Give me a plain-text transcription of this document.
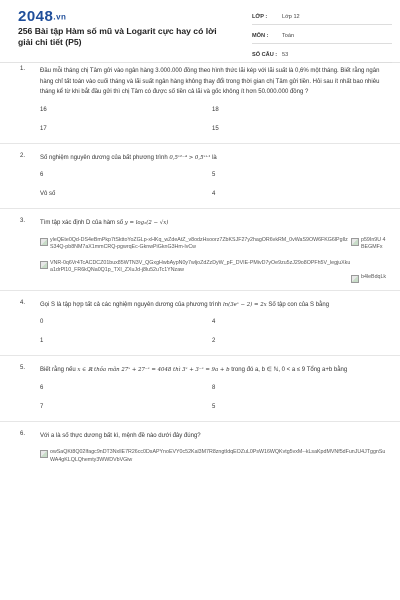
2048.vn
256 Bài tập Hàm số mũ và Logarit cực hay có lời giải chi tiết (P5)
LỚP :	Lớp 12
MÔN :	Toán
SỐ CÂU : 53
1. Đầu mỗi tháng chị Tâm gửi vào ngân hàng 3.000.000 đồng theo hình thức lãi kép với lãi suất là 0,6% một tháng. Biết rằng ngân hàng chỉ tất toán vào cuối tháng và lãi suất ngân hàng không thay đổi trong thời gian chị Tâm gửi tiền. Hỏi sau ít nhất bao nhiêu tháng kể từ khi bắt đầu gửi thì chị Tâm có được số tiền cả lãi và gốc không ít hơn 50.000.000 đồng ?
16	18
17	15
2. Số nghiệm nguyên dương của bất phương trình 0,5ˣ²⁻⁴ > 0,5ˣ⁺¹ là
6	5
Vô số	4
3. Tìm tập xác định D của hàm số y = log₂(2 − √x)
yleQEte0Qd-DS4eBmPkp7tSkttoYoZGLp-xHKq_wZdeAtZ_v8odzHsoorz7ZbKSJF27y2hagOR6vkRM_0vWaS9OW6FKG6lPgIlzS34Q-pb8NM7aX1mmCRQ-pgwrqEc-GknwPiGknG3Hm-lvCw
p59In9U 4BEGMFx
VNR-0q6Vr4TcACDCZ01bux85WTN3V_QGxgHwbAypN0y7wljoZdZzDyW_pF_DVIE-PMivD7yOe9zu5zJ29o8OPFh5V_legjuXkua1drPl10_FR6kQNa0Q1p_TXI_ZXuJd-j8lu52uTc1YNzaw
b4leBdqLk
4. Gọi S là tập hợp tất cả các nghiệm nguyên dương của phương trình ln(3eˣ − 2) = 2x Số tập con của S bằng
0	4
1	2
5. Biết rằng nếu x ∈ ℝ thỏa mãn 27ˣ + 27⁻ˣ = 4048 thì 3ˣ + 3⁻ˣ = 9a + b trong đó a, b ∈ ℕ, 0 < a ≤ 9 Tổng a+b bằng
6	8
7	5
6. Với a là số thực dương bất kì, mệnh đề nào dưới đây đúng?
owSaQKt8Q02Ifagc9nDT3NxllE7R26cc0DsAPYnoEVY0c52Kal3M7R8zngtIdqEOZuL0PsW16WQKvtg5vxM--kLsaKpdMVNf5dFunJU4JTggnSuWA4gKLQLQhemty3WWDVbVGiw
